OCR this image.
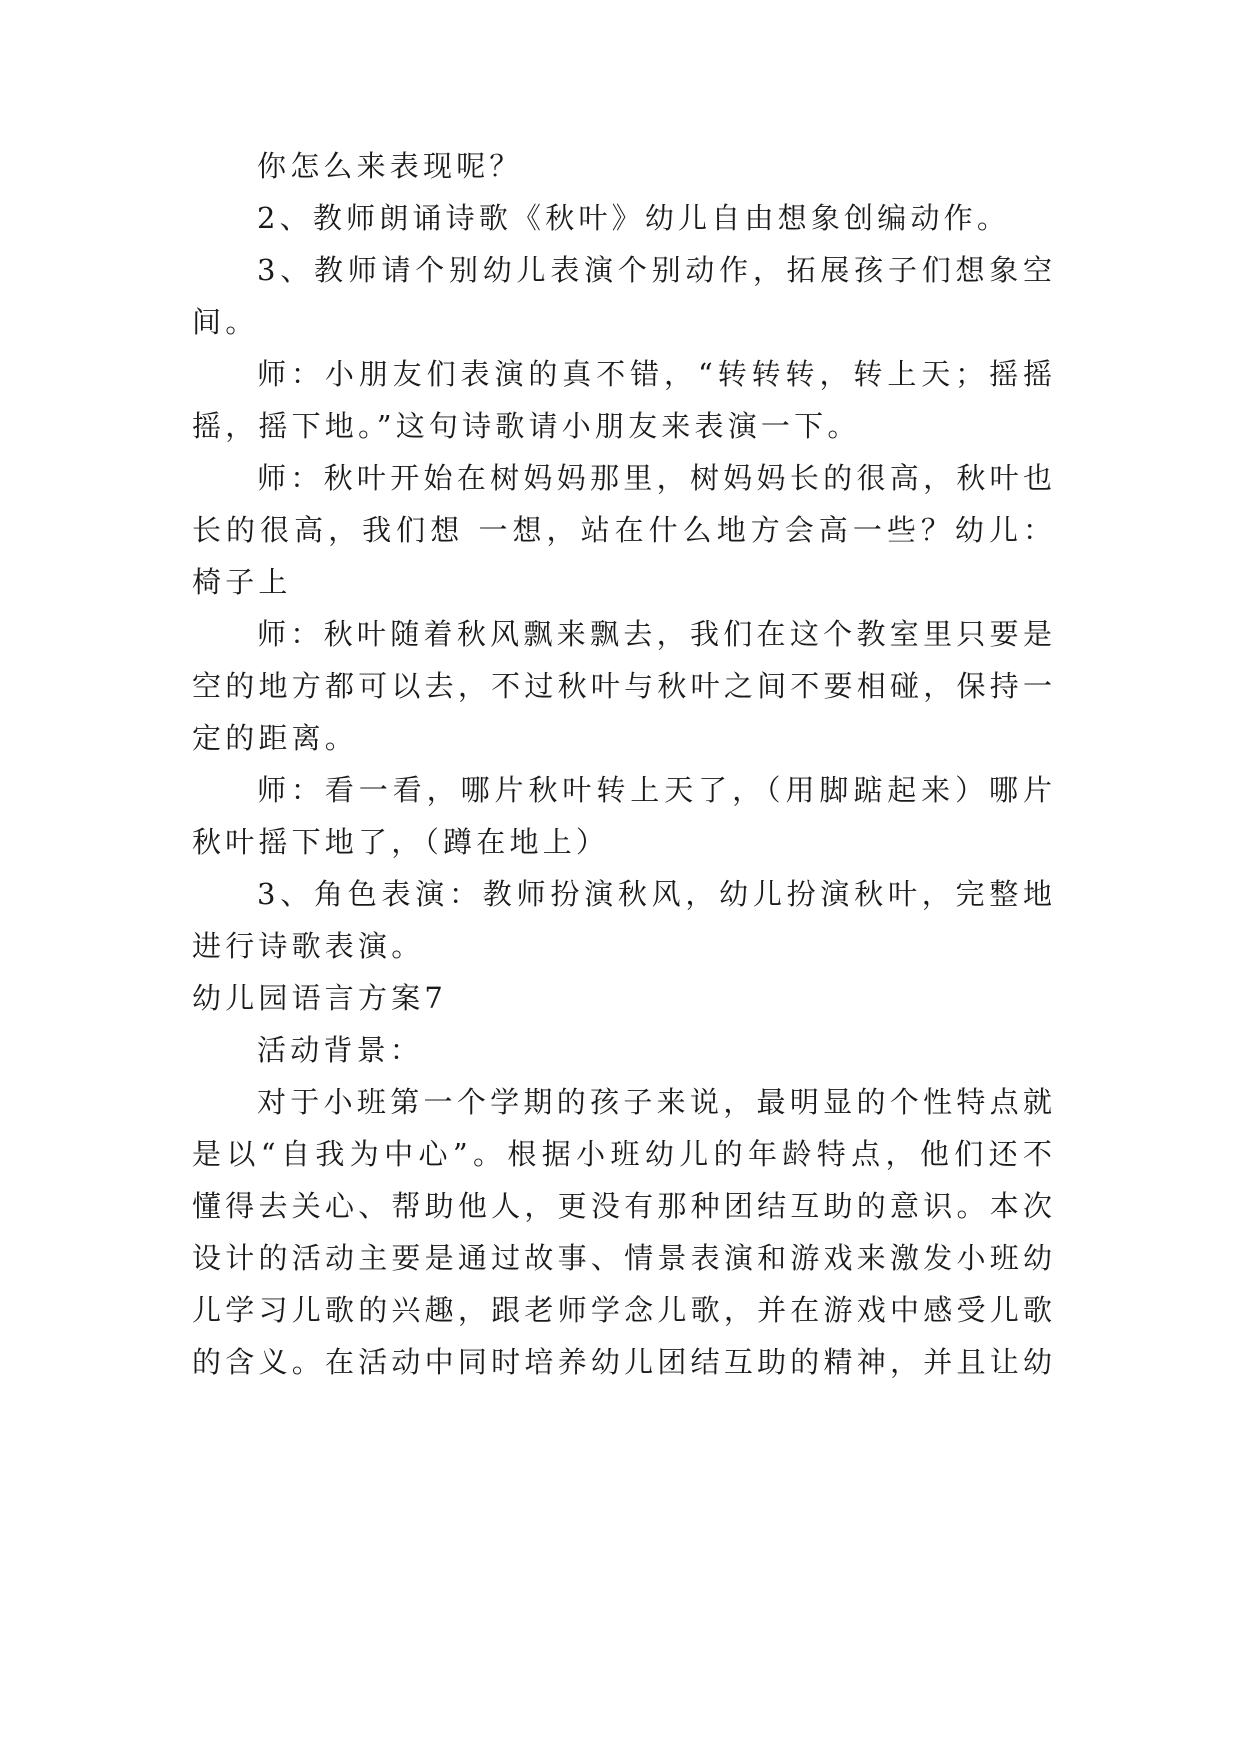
你怎么来表现呢？
2、教师朗诵诗歌《秋叶》幼儿自由想象创编动作。
3、教师请个别幼儿表演个别动作，拓展孩子们想象空
间。
师：小朋友们表演的真不错，“转转转，转上天；摇摇
摇，摇下地。”这句诗歌请小朋友来表演一下。
师：秋叶开始在树妈妈那里，树妈妈长的很高，秋叶也
长的很高，我们想 一想，站在什么地方会高一些？幼儿：
椅子上
师：秋叶随着秋风飘来飘去，我们在这个教室里只要是
空的地方都可以去，不过秋叶与秋叶之间不要相碰，保持一
定的距离。
师：看一看，哪片秋叶转上天了，（用脚踮起来）哪片
秋叶摇下地了，（蹲在地上）
3、角色表演：教师扮演秋风，幼儿扮演秋叶，完整地
进行诗歌表演。
幼儿园语言方案7
活动背景：
对于小班第一个学期的孩子来说，最明显的个性特点就
是以“自我为中心”。根据小班幼儿的年龄特点，他们还不
懂得去关心、帮助他人，更没有那种团结互助的意识。本次
设计的活动主要是通过故事、情景表演和游戏来激发小班幼
儿学习儿歌的兴趣，跟老师学念儿歌，并在游戏中感受儿歌
的含义。在活动中同时培养幼儿团结互助的精神，并且让幼
